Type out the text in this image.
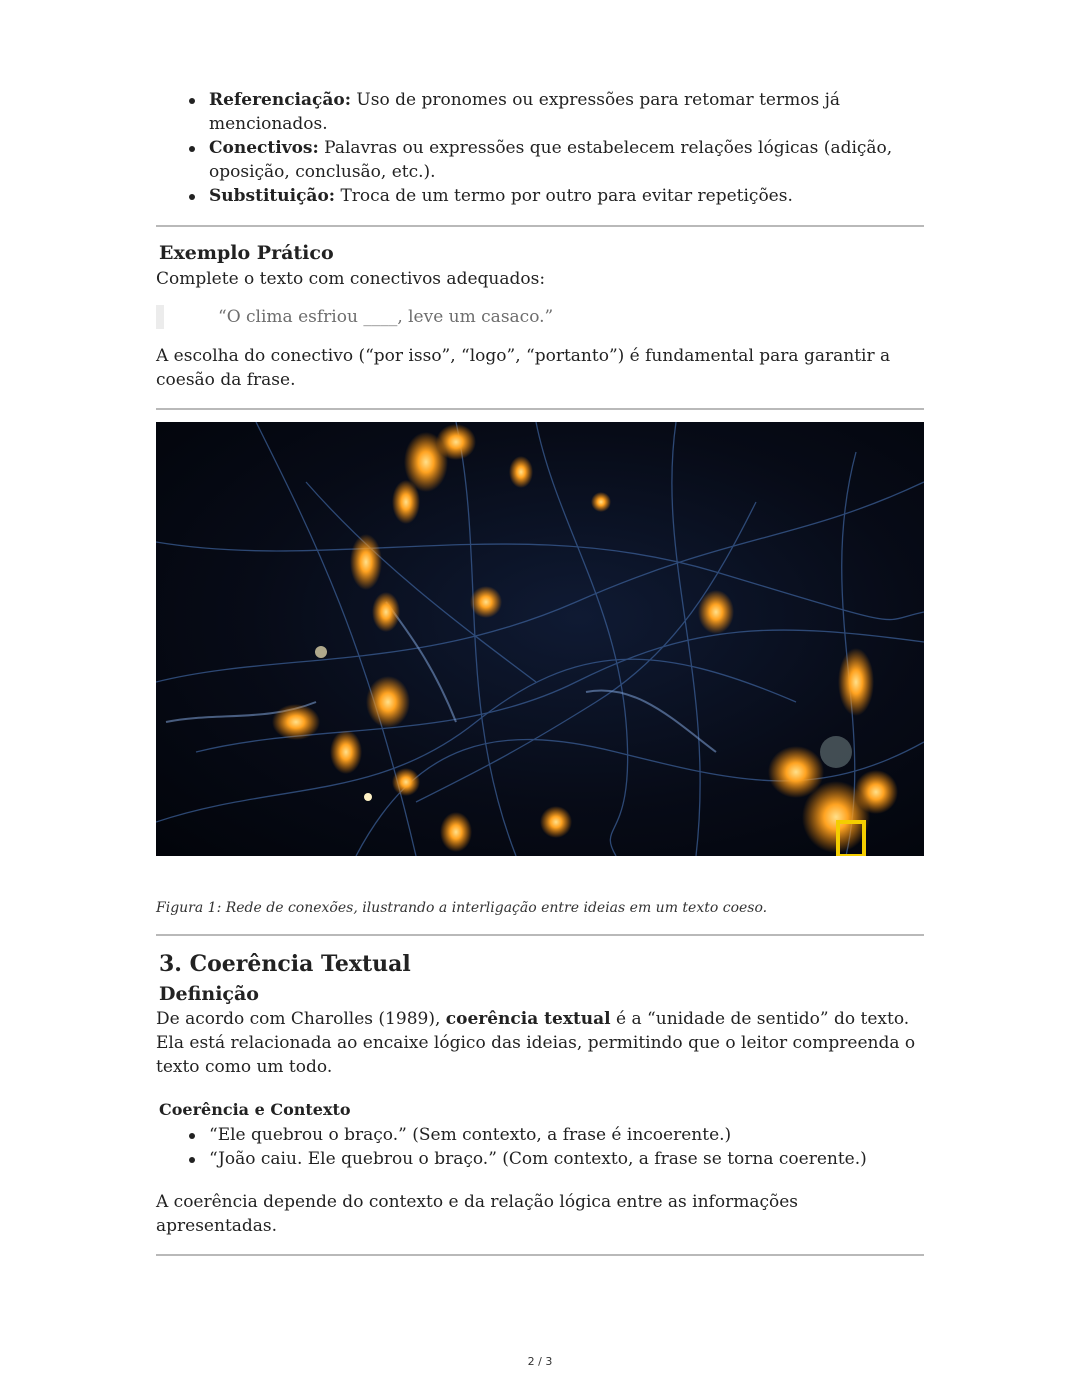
Referenciação: Uso de pronomes ou expressões para retomar termos já mencionados.
Conectivos: Palavras ou expressões que estabelecem relações lógicas (adição, oposição, conclusão, etc.).
Substituição: Troca de um termo por outro para evitar repetições.
Exemplo Prático
Complete o texto com conectivos adequados:
“O clima esfriou ____, leve um casaco.”
A escolha do conectivo (“por isso”, “logo”, “portanto”) é fundamental para garantir a coesão da frase.
Figura 1: Rede de conexões, ilustrando a interligação entre ideias em um texto coeso.
3. Coerência Textual
Definição
De acordo com Charolles (1989), coerência textual é a “unidade de sentido” do texto. Ela está relacionada ao encaixe lógico das ideias, permitindo que o leitor compreenda o texto como um todo.
Coerência e Contexto
“Ele quebrou o braço.” (Sem contexto, a frase é incoerente.)
“João caiu. Ele quebrou o braço.” (Com contexto, a frase se torna coerente.)
A coerência depende do contexto e da relação lógica entre as informações apresentadas.
2 / 3
